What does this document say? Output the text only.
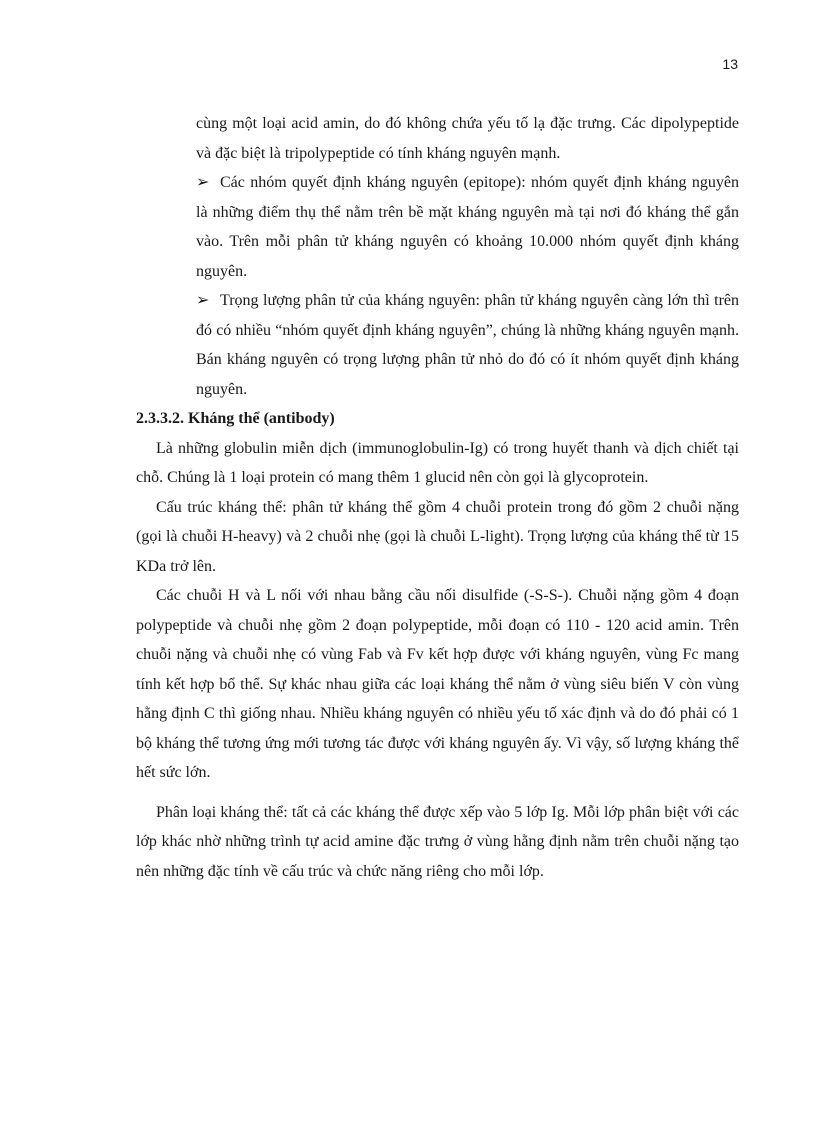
13

cùng một loại acid amin, do đó không chứa yếu tố lạ đặc trưng. Các dipolypeptide và đặc biệt là tripolypeptide có tính kháng nguyên mạnh.

➢ Các nhóm quyết định kháng nguyên (epitope): nhóm quyết định kháng nguyên là những điểm thụ thể nằm trên bề mặt kháng nguyên mà tại nơi đó kháng thể gắn vào. Trên mỗi phân tử kháng nguyên có khoảng 10.000 nhóm quyết định kháng nguyên.

➢ Trọng lượng phân tử của kháng nguyên: phân tử kháng nguyên càng lớn thì trên đó có nhiều “nhóm quyết định kháng nguyên”, chúng là những kháng nguyên mạnh. Bán kháng nguyên có trọng lượng phân tử nhỏ do đó có ít nhóm quyết định kháng nguyên.

2.3.3.2. Kháng thể (antibody)

Là những globulin miễn dịch (immunoglobulin-Ig) có trong huyết thanh và dịch chiết tại chỗ. Chúng là 1 loại protein có mang thêm 1 glucid nên còn gọi là glycoprotein.

Cấu trúc kháng thể: phân tử kháng thể gồm 4 chuỗi protein trong đó gồm 2 chuỗi nặng (gọi là chuỗi H-heavy) và 2 chuỗi nhẹ (gọi là chuỗi L-light). Trọng lượng của kháng thể từ 15 KDa trở lên.

Các chuỗi H và L nối với nhau bằng cầu nối disulfide (-S-S-). Chuỗi nặng gồm 4 đoạn polypeptide và chuỗi nhẹ gồm 2 đoạn polypeptide, mỗi đoạn có 110 - 120 acid amin. Trên chuỗi nặng và chuỗi nhẹ có vùng Fab và Fv kết hợp được với kháng nguyên, vùng Fc mang tính kết hợp bổ thể. Sự khác nhau giữa các loại kháng thể nằm ở vùng siêu biến V còn vùng hằng định C thì giống nhau. Nhiều kháng nguyên có nhiều yếu tố xác định và do đó phải có 1 bộ kháng thể tương ứng mới tương tác được với kháng nguyên ấy. Vì vậy, số lượng kháng thể hết sức lớn.

Phân loại kháng thể: tất cả các kháng thể được xếp vào 5 lớp Ig. Mỗi lớp phân biệt với các lớp khác nhờ những trình tự acid amine đặc trưng ở vùng hằng định nằm trên chuỗi nặng tạo nên những đặc tính về cấu trúc và chức năng riêng cho mỗi lớp.
